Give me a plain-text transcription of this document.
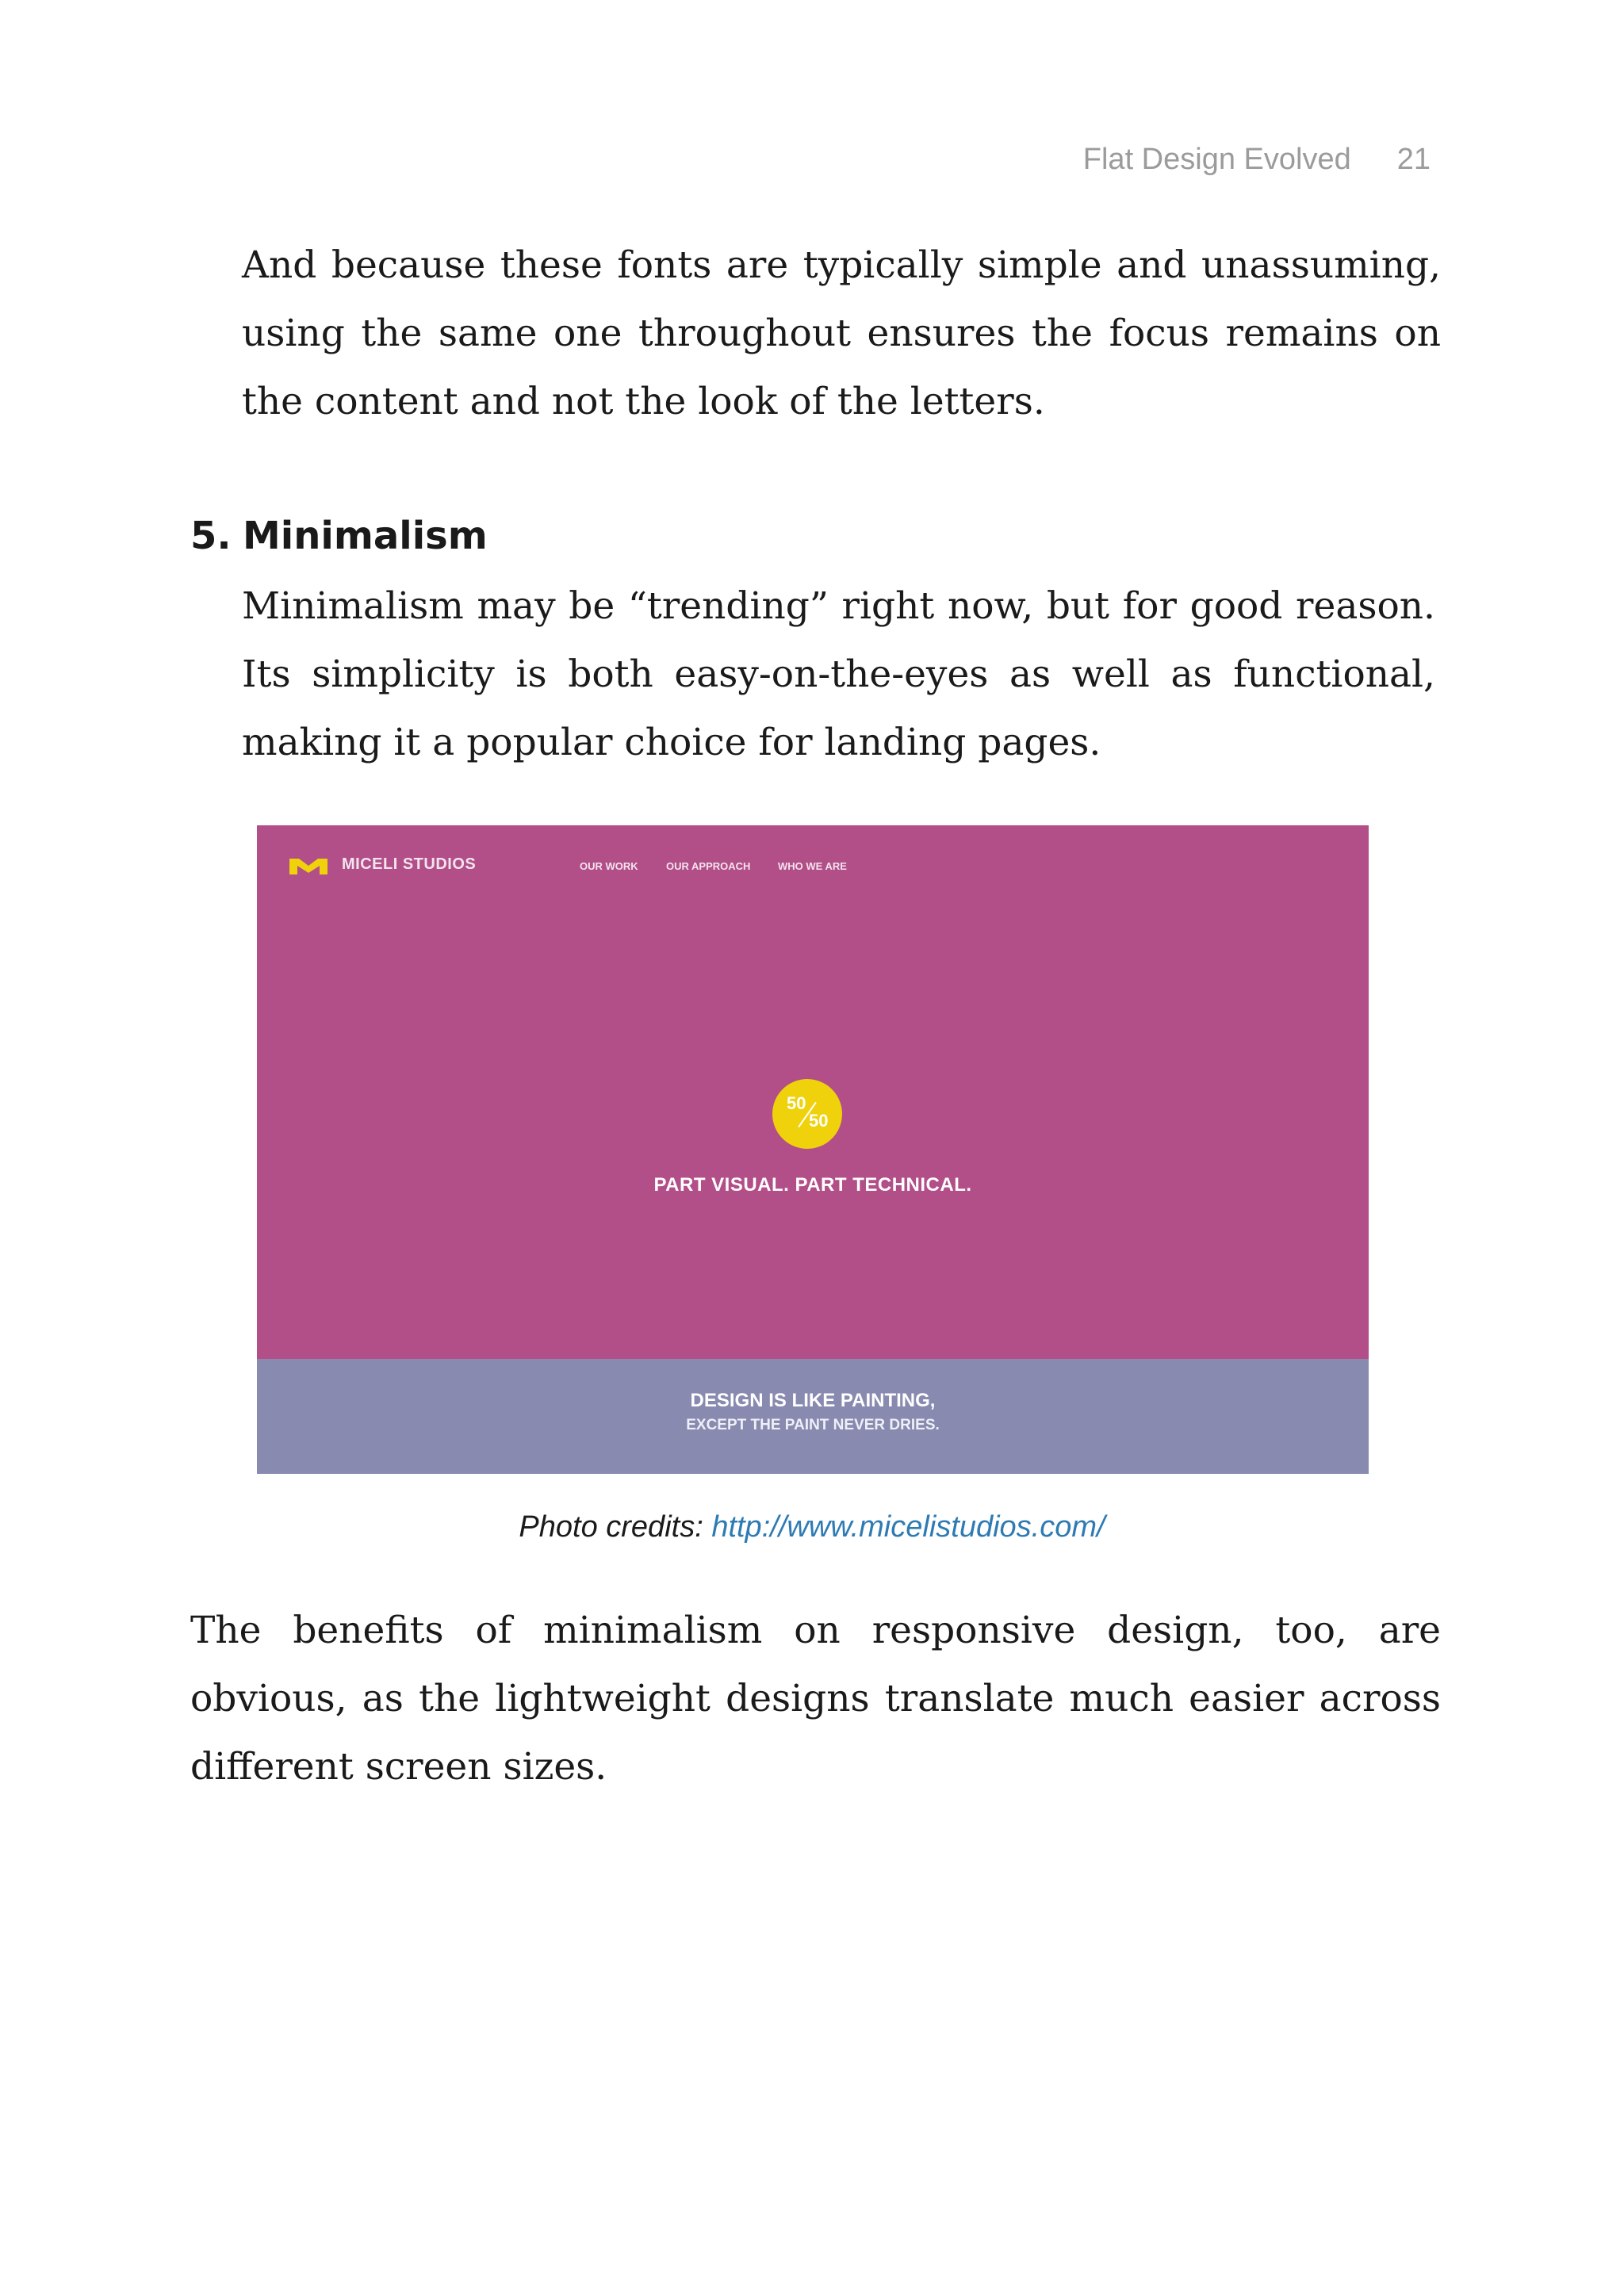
Flat Design Evolved 21

And because these fonts are typically simple and unassuming, using the same one throughout ensures the focus remains on the content and not the look of the letters.

5. Minimalism

Minimalism may be “trending” right now, but for good reason. Its simplicity is both easy-on-the-eyes as well as functional, making it a popular choice for landing pages.

MICELI STUDIOS	OUR WORK	OUR APPROACH	WHO WE ARE
50
50
PART VISUAL. PART TECHNICAL.
DESIGN IS LIKE PAINTING,
EXCEPT THE PAINT NEVER DRIES.
Photo credits: http://www.micelistudios.com/

The benefits of minimalism on responsive design, too, are obvious, as the lightweight designs translate much easier across different screen sizes.
